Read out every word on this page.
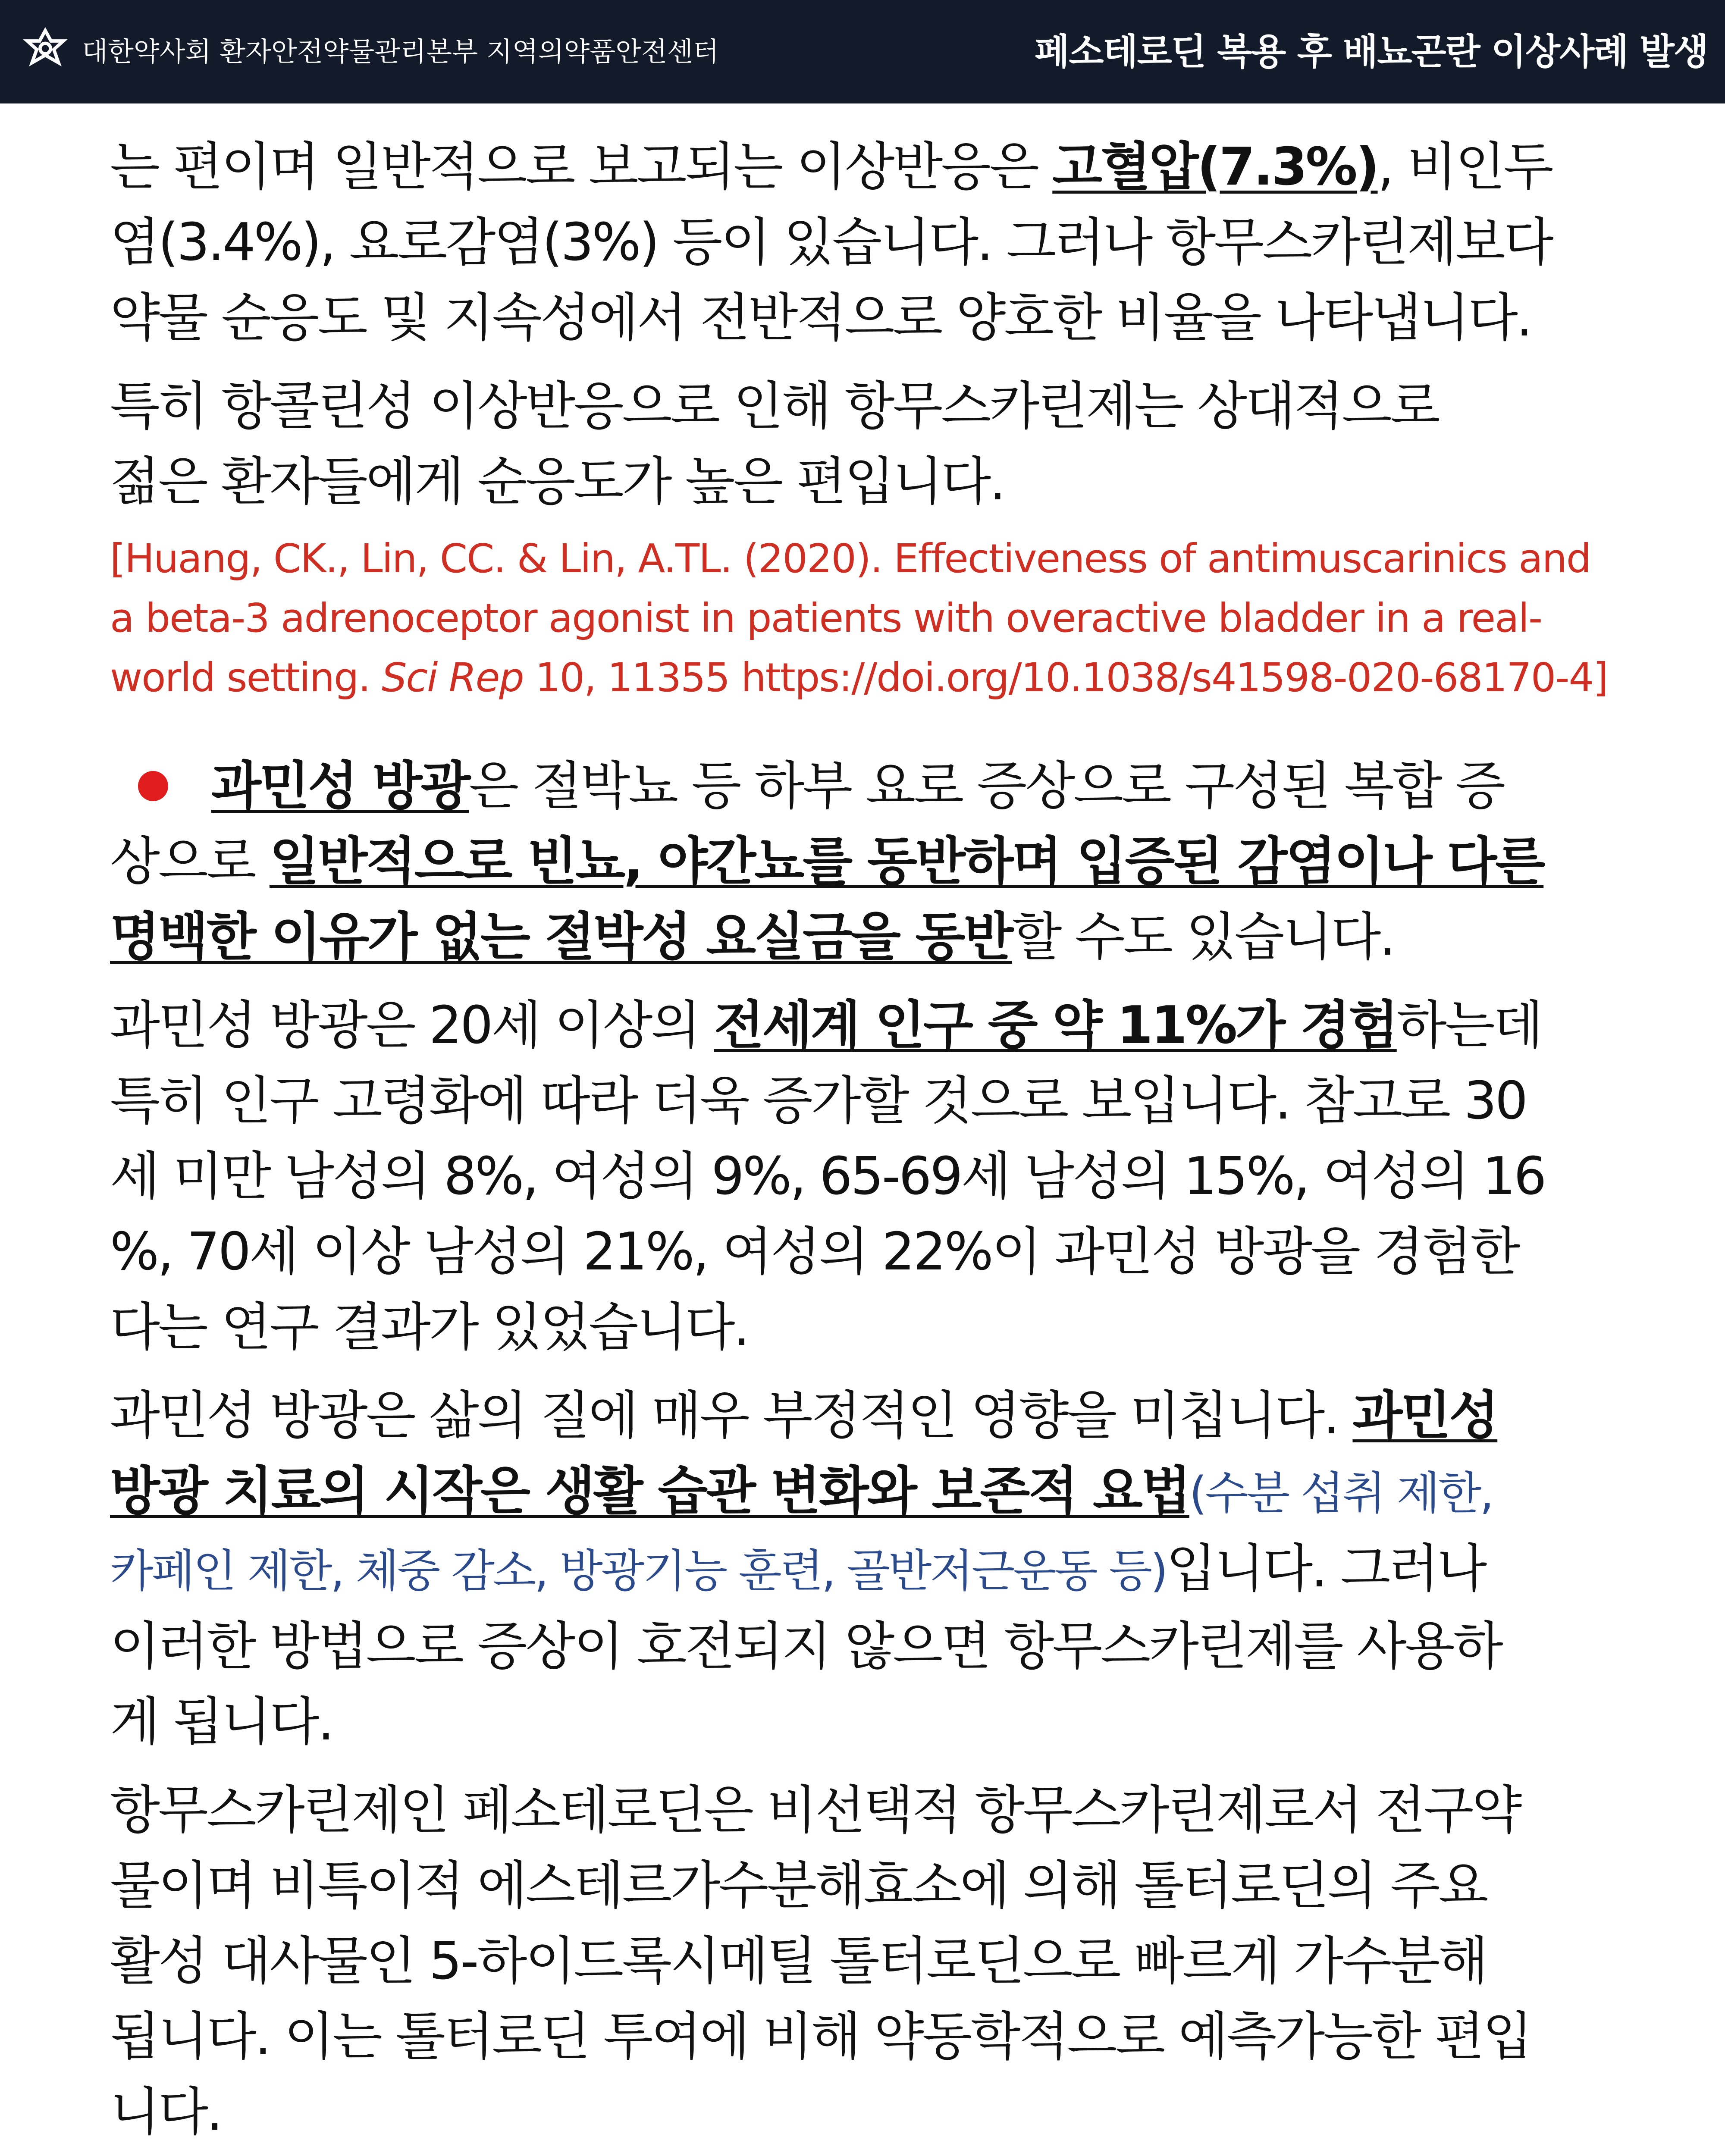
대한약사회 환자안전약물관리본부 지역의약품안전센터	페소테로딘 복용 후 배뇨곤란 이상사례 발생
는 편이며 일반적으로 보고되는 이상반응은 고혈압(7.3%), 비인두
염(3.4%), 요로감염(3%) 등이 있습니다. 그러나 항무스카린제보다
약물 순응도 및 지속성에서 전반적으로 양호한 비율을 나타냅니다.
특히 항콜린성 이상반응으로 인해 항무스카린제는 상대적으로
젊은 환자들에게 순응도가 높은 편입니다.
[Huang, CK., Lin, CC. & Lin, A.TL. (2020). Effectiveness of antimuscarinics and
a beta-3 adrenoceptor agonist in patients with overactive bladder in a real-
world setting. Sci Rep 10, 11355 https://doi.org/10.1038/s41598-020-68170-4]
과민성 방광은 절박뇨 등 하부 요로 증상으로 구성된 복합 증
상으로 일반적으로 빈뇨, 야간뇨를 동반하며 입증된 감염이나 다른
명백한 이유가 없는 절박성 요실금을 동반할 수도 있습니다.
과민성 방광은 20세 이상의 전세계 인구 중 약 11%가 경험하는데
특히 인구 고령화에 따라 더욱 증가할 것으로 보입니다. 참고로 30
세 미만 남성의 8%, 여성의 9%, 65-69세 남성의 15%, 여성의 16
%, 70세 이상 남성의 21%, 여성의 22%이 과민성 방광을 경험한
다는 연구 결과가 있었습니다.
과민성 방광은 삶의 질에 매우 부정적인 영향을 미칩니다. 과민성
방광 치료의 시작은 생활 습관 변화와 보존적 요법(수분 섭취 제한,
카페인 제한, 체중 감소, 방광기능 훈련, 골반저근운동 등)입니다. 그러나
이러한 방법으로 증상이 호전되지 않으면 항무스카린제를 사용하
게 됩니다.
항무스카린제인 페소테로딘은 비선택적 항무스카린제로서 전구약
물이며 비특이적 에스테르가수분해효소에 의해 톨터로딘의 주요
활성 대사물인 5-하이드록시메틸 톨터로딘으로 빠르게 가수분해
됩니다. 이는 톨터로딘 투여에 비해 약동학적으로 예측가능한 편입
니다.
